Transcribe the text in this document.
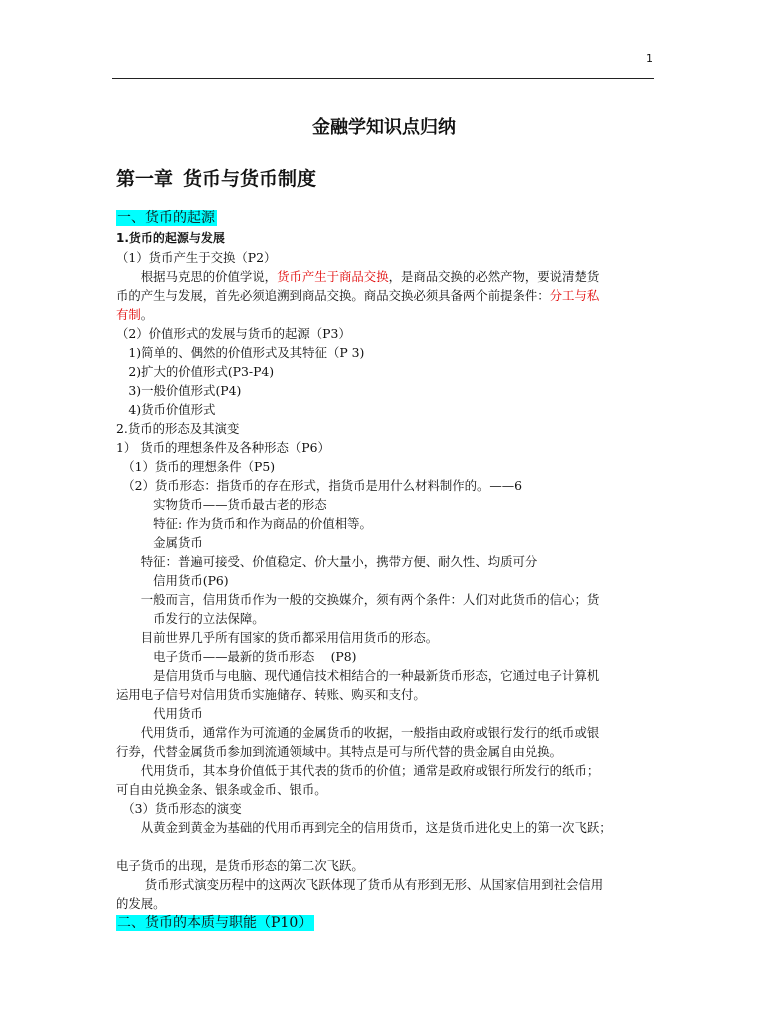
1
金融学知识点归纳
第一章 货币与货币制度
一、货币的起源
1.货币的起源与发展
（1）货币产生于交换（P2）
　　根据马克思的价值学说，货币产生于商品交换，是商品交换的必然产物，要说清楚货
币的产生与发展，首先必须追溯到商品交换。商品交换必须具备两个前提条件：分工与私
有制。
（2）价值形式的发展与货币的起源（P3）
　1)简单的、偶然的价值形式及其特征（P 3)
　2)扩大的价值形式(P3-P4)
　3)一般价值形式(P4)
　4)货币价值形式
2.货币的形态及其演变
1） 货币的理想条件及各种形态（P6）
　（1）货币的理想条件（P5)
　（2）货币形态：指货币的存在形式，指货币是用什么材料制作的。——6
　　　实物货币——货币最古老的形态
　　　特征: 作为货币和作为商品的价值相等。
　　　金属货币
　　特征：普遍可接受、价值稳定、价大量小，携带方便、耐久性、均质可分
　　　信用货币(P6)
　　一般而言，信用货币作为一般的交换媒介，须有两个条件：人们对此货币的信心；货
　　　币发行的立法保障。
　　目前世界几乎所有国家的货币都采用信用货币的形态。
　　　电子货币——最新的货币形态　 (P8)
　　　是信用货币与电脑、现代通信技术相结合的一种最新货币形态，它通过电子计算机
运用电子信号对信用货币实施储存、转账、购买和支付。
　　　代用货币
　　代用货币，通常作为可流通的金属货币的收据，一般指由政府或银行发行的纸币或银
行券，代替金属货币参加到流通领域中。其特点是可与所代替的贵金属自由兑换。
　　代用货币，其本身价值低于其代表的货币的价值；通常是政府或银行所发行的纸币；
可自由兑换金条、银条或金币、银币。
　（3）货币形态的演变
　　从黄金到黄金为基础的代用币再到完全的信用货币，这是货币进化史上的第一次飞跃；
电子货币的出现，是货币形态的第二次飞跃。
　　 货币形式演变历程中的这两次飞跃体现了货币从有形到无形、从国家信用到社会信用
的发展。
二、货币的本质与职能（P10）
